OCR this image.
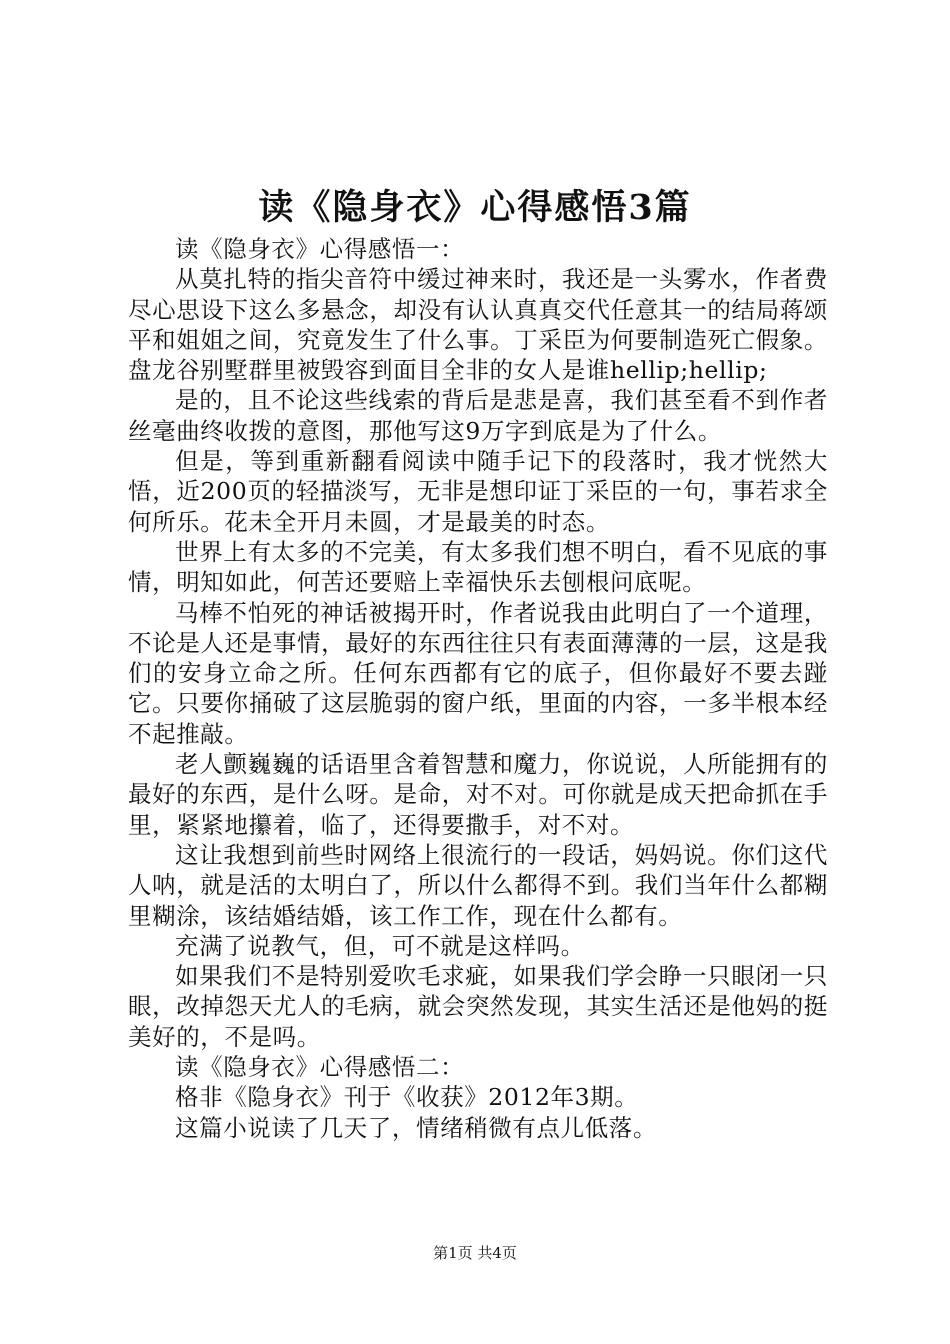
读《隐身衣》心得感悟3篇

读《隐身衣》心得感悟一：

从莫扎特的指尖音符中缓过神来时，我还是一头雾水，作者费尽心思设下这么多悬念，却没有认认真真交代任意其一的结局蒋颂平和姐姐之间，究竟发生了什么事。丁采臣为何要制造死亡假象。盘龙谷别墅群里被毁容到面目全非的女人是谁hellip;hellip;

是的，且不论这些线索的背后是悲是喜，我们甚至看不到作者丝毫曲终收拨的意图，那他写这9万字到底是为了什么。

但是，等到重新翻看阅读中随手记下的段落时，我才恍然大悟，近200页的轻描淡写，无非是想印证丁采臣的一句，事若求全何所乐。花未全开月未圆，才是最美的时态。

世界上有太多的不完美，有太多我们想不明白，看不见底的事情，明知如此，何苦还要赔上幸福快乐去刨根问底呢。

马棒不怕死的神话被揭开时，作者说我由此明白了一个道理，不论是人还是事情，最好的东西往往只有表面薄薄的一层，这是我们的安身立命之所。任何东西都有它的底子，但你最好不要去踫它。只要你捅破了这层脆弱的窗户纸，里面的内容，一多半根本经不起推敲。

老人颤巍巍的话语里含着智慧和魔力，你说说，人所能拥有的最好的东西，是什么呀。是命，对不对。可你就是成天把命抓在手里，紧紧地攥着，临了，还得要撒手，对不对。

这让我想到前些时网络上很流行的一段话，妈妈说。你们这代人呐，就是活的太明白了，所以什么都得不到。我们当年什么都糊里糊涂，该结婚结婚，该工作工作，现在什么都有。

充满了说教气，但，可不就是这样吗。

如果我们不是特别爱吹毛求疵，如果我们学会睁一只眼闭一只眼，改掉怨天尤人的毛病，就会突然发现，其实生活还是他妈的挺美好的，不是吗。

读《隐身衣》心得感悟二：

格非《隐身衣》刊于《收获》2012年3期。

这篇小说读了几天了，情绪稍微有点儿低落。

第1页 共4页
